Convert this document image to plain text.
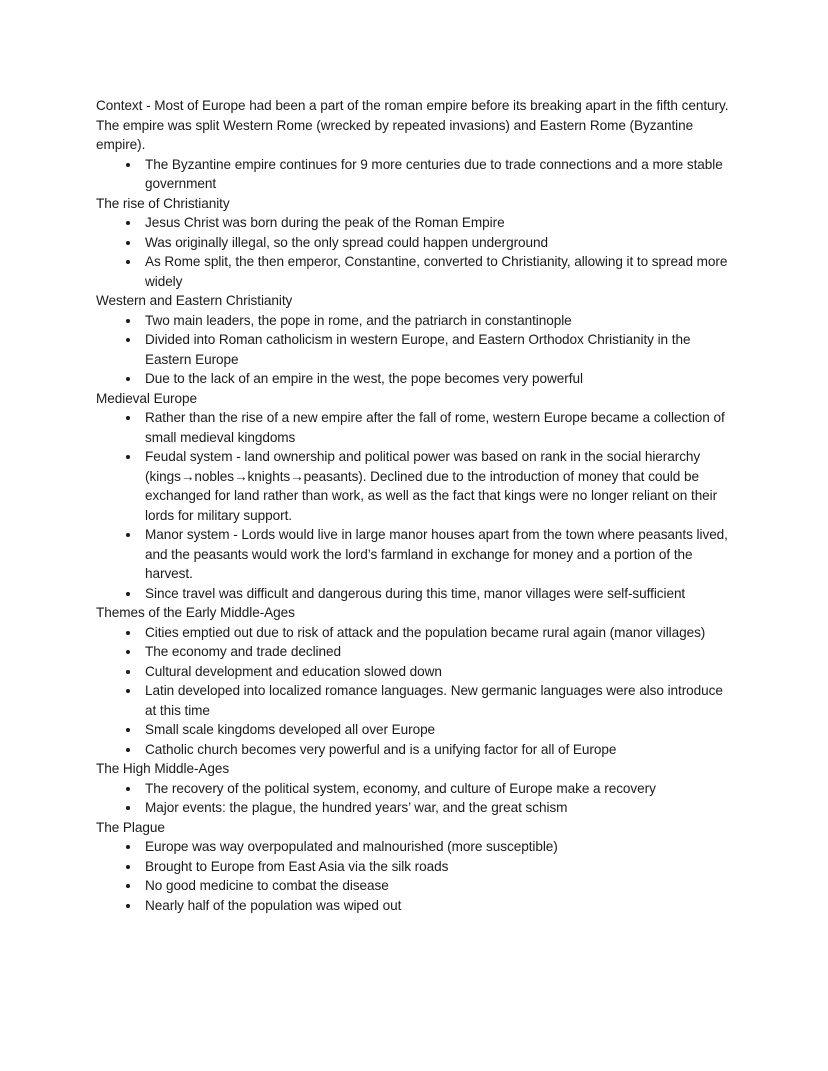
Context - Most of Europe had been a part of the roman empire before its breaking apart in the fifth century. The empire was split Western Rome (wrecked by repeated invasions) and Eastern Rome (Byzantine empire).

The Byzantine empire continues for 9 more centuries due to trade connections and a more stable government
The rise of Christianity
Jesus Christ was born during the peak of the Roman Empire
Was originally illegal, so the only spread could happen underground
As Rome split, the then emperor, Constantine, converted to Christianity, allowing it to spread more widely
Western and Eastern Christianity
Two main leaders, the pope in rome, and the patriarch in constantinople
Divided into Roman catholicism in western Europe, and Eastern Orthodox Christianity in the Eastern Europe
Due to the lack of an empire in the west, the pope becomes very powerful
Medieval Europe
Rather than the rise of a new empire after the fall of rome, western Europe became a collection of small medieval kingdoms
Feudal system - land ownership and political power was based on rank in the social hierarchy (kings→nobles→knights→peasants). Declined due to the introduction of money that could be exchanged for land rather than work, as well as the fact that kings were no longer reliant on their lords for military support.
Manor system - Lords would live in large manor houses apart from the town where peasants lived, and the peasants would work the lord’s farmland in exchange for money and a portion of the harvest.
Since travel was difficult and dangerous during this time, manor villages were self-sufficient
Themes of the Early Middle-Ages
Cities emptied out due to risk of attack and the population became rural again (manor villages)
The economy and trade declined
Cultural development and education slowed down
Latin developed into localized romance languages. New germanic languages were also introduce at this time
Small scale kingdoms developed all over Europe
Catholic church becomes very powerful and is a unifying factor for all of Europe
The High Middle-Ages
The recovery of the political system, economy, and culture of Europe make a recovery
Major events: the plague, the hundred years’ war, and the great schism
The Plague
Europe was way overpopulated and malnourished (more susceptible)
Brought to Europe from East Asia via the silk roads
No good medicine to combat the disease
Nearly half of the population was wiped out
